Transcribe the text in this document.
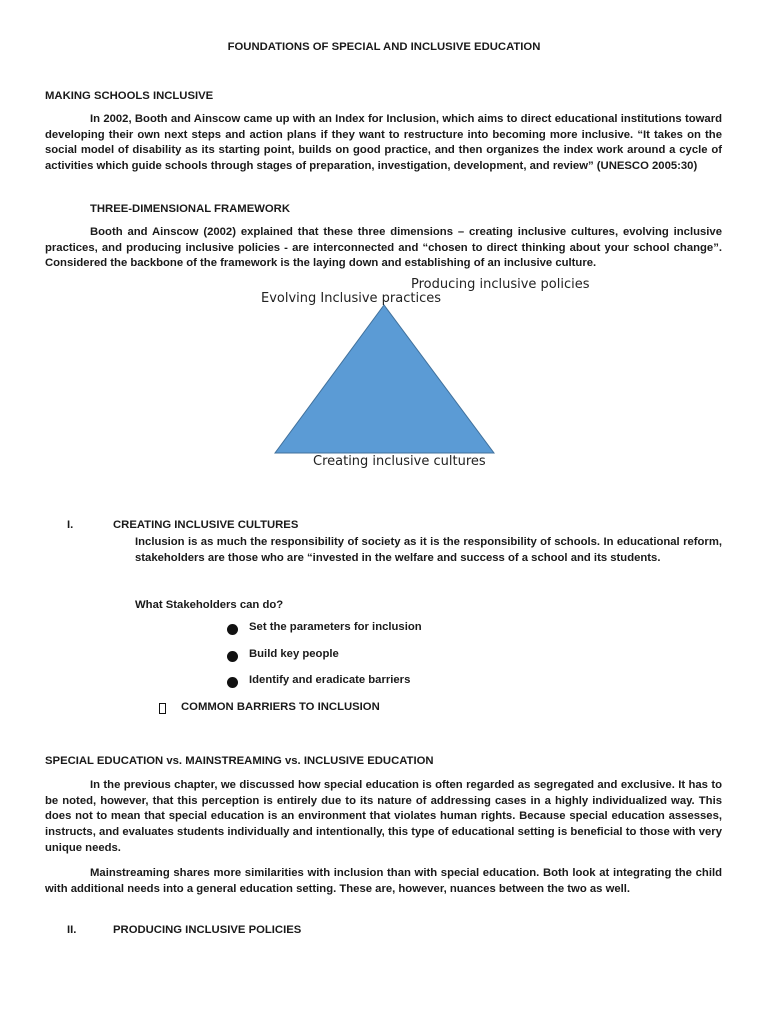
FOUNDATIONS OF SPECIAL AND INCLUSIVE EDUCATION
MAKING SCHOOLS INCLUSIVE
In 2002, Booth and Ainscow came up with an Index for Inclusion, which aims to direct educational institutions toward developing their own next steps and action plans if they want to restructure into becoming more inclusive. “It takes on the social model of disability as its starting point, builds on good practice, and then organizes the index work around a cycle of activities which guide schools through stages of preparation, investigation, development, and review” (UNESCO 2005:30)
THREE-DIMENSIONAL FRAMEWORK
Booth and Ainscow (2002) explained that these three dimensions – creating inclusive cultures, evolving inclusive practices, and producing inclusive policies - are interconnected and “chosen to direct thinking about your school change”. Considered the backbone of the framework is the laying down and establishing of an inclusive culture.
Producing inclusive policies
Evolving Inclusive practices
Creating inclusive cultures
I.	CREATING INCLUSIVE CULTURES
Inclusion is as much the responsibility of society as it is the responsibility of schools. In educational reform, stakeholders are those who are “invested in the welfare and success of a school and its students.
What Stakeholders can do?
Set the parameters for inclusion
Build key people
Identify and eradicate barriers
COMMON BARRIERS TO INCLUSION
SPECIAL EDUCATION vs. MAINSTREAMING vs. INCLUSIVE EDUCATION
In the previous chapter, we discussed how special education is often regarded as segregated and exclusive. It has to be noted, however, that this perception is entirely due to its nature of addressing cases in a highly individualized way. This does not to mean that special education is an environment that violates human rights. Because special education assesses, instructs, and evaluates students individually and intentionally, this type of educational setting is beneficial to those with very unique needs.
Mainstreaming shares more similarities with inclusion than with special education. Both look at integrating the child with additional needs into a general education setting. These are, however, nuances between the two as well.
II.	PRODUCING INCLUSIVE POLICIES
